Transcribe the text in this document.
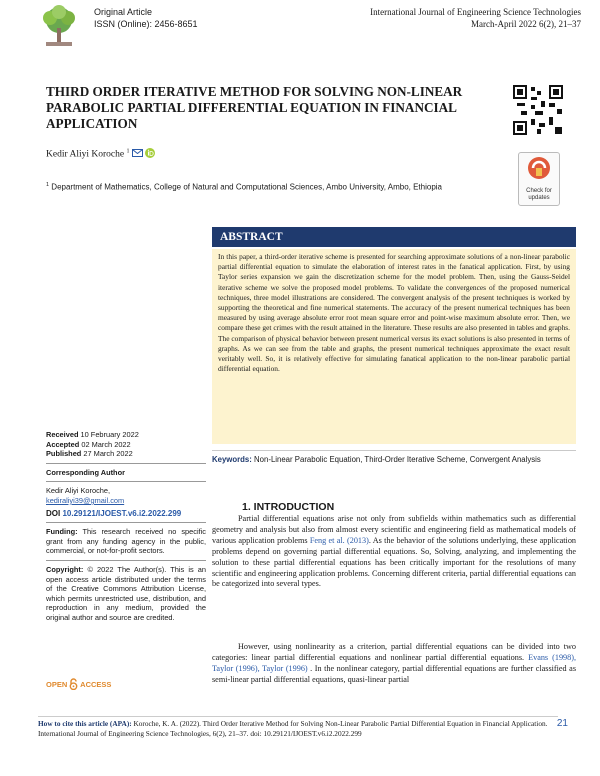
Original Article
ISSN (Online): 2456-8651
International Journal of Engineering Science Technologies
March-April 2022 6(2), 21–37
THIRD ORDER ITERATIVE METHOD FOR SOLVING NON-LINEAR PARABOLIC PARTIAL DIFFERENTIAL EQUATION IN FINANCIAL APPLICATION
Kedir Aliyi Koroche $^1$
$^1$ Department of Mathematics, College of Natural and Computational Sciences, Ambo University, Ambo, Ethiopia	Check for
updates
ABSTRACT
In this paper, a third-order iterative scheme is presented for searching approximate solutions of a non-linear parabolic partial differential equation to simulate the elaboration of interest rates in the fanatical application. First, by using Taylor series expansion we gain the discretization scheme for the model problem. Then, using the Gauss-Seidel iterative scheme we solve the proposed model problems. To validate the convergences of the proposed numerical techniques, three model illustrations are considered. The convergent analysis of the present techniques is worked by supporting the theoretical and fine numerical statements. The accuracy of the present numerical techniques has been measured by using average absolute error root mean square error and point-wise maximum absolute error. Then, we compare these get crimes with the result attained in the literature. These results are also presented in tables and graphs. The comparison of physical behavior between present numerical versus its exact solutions is also presented in terms of graphs. As we can see from the table and graphs, the present numerical techniques approximate the exact result veritably well. So, it is relatively effective for simulating fanatical application to the non-linear parabolic partial differential equation.
Keywords: Non-Linear Parabolic Equation, Third-Order Iterative Scheme, Convergent Analysis
Received 10 February 2022
Accepted 02 March 2022
Published 27 March 2022
Corresponding Author
Kedir Aliyi Koroche,
kediraliyi39@gmail.com
DOI 10.29121/IJOEST.v6.i2.2022.299
Funding: This research received no specific grant from any funding agency in the public, commercial, or not-for-profit sectors.
Copyright: © 2022 The Author(s). This is an open access article distributed under the terms of the Creative Commons Attribution License, which permits unrestricted use, distribution, and reproduction in any medium, provided the original author and source are credited.
OPEN ACCESS
1. INTRODUCTION
Partial differential equations arise not only from subfields within mathematics such as differential geometry and analysis but also from almost every scientific and engineering field as mathematical models of various application problems Feng et al. (2013). As the behavior of the solutions underlying, these application problems depend on governing partial differential equations. So, Solving, analyzing, and implementing the solution to these partial differential equations has been critically important for the resolutions of many scientific and engineering application problems. Concerning different criteria, partial differential equations can be categorized into several types.
However, using nonlinearity as a criterion, partial differential equations can be divided into two categories: linear partial differential equations and nonlinear partial differential equations. Evans (1998), Taylor (1996), Taylor (1996) . In the nonlinear category, partial differential equations are further classified as semi-linear partial differential equations, quasi-linear partial
How to cite this article (APA): Koroche, K. A. (2022). Third Order Iterative Method for Solving Non-Linear Parabolic Partial Differential Equation in Financial Application. International Journal of Engineering Science Technologies, 6(2), 21–37. doi: 10.29121/IJOEST.v6.i2.2022.299
21
